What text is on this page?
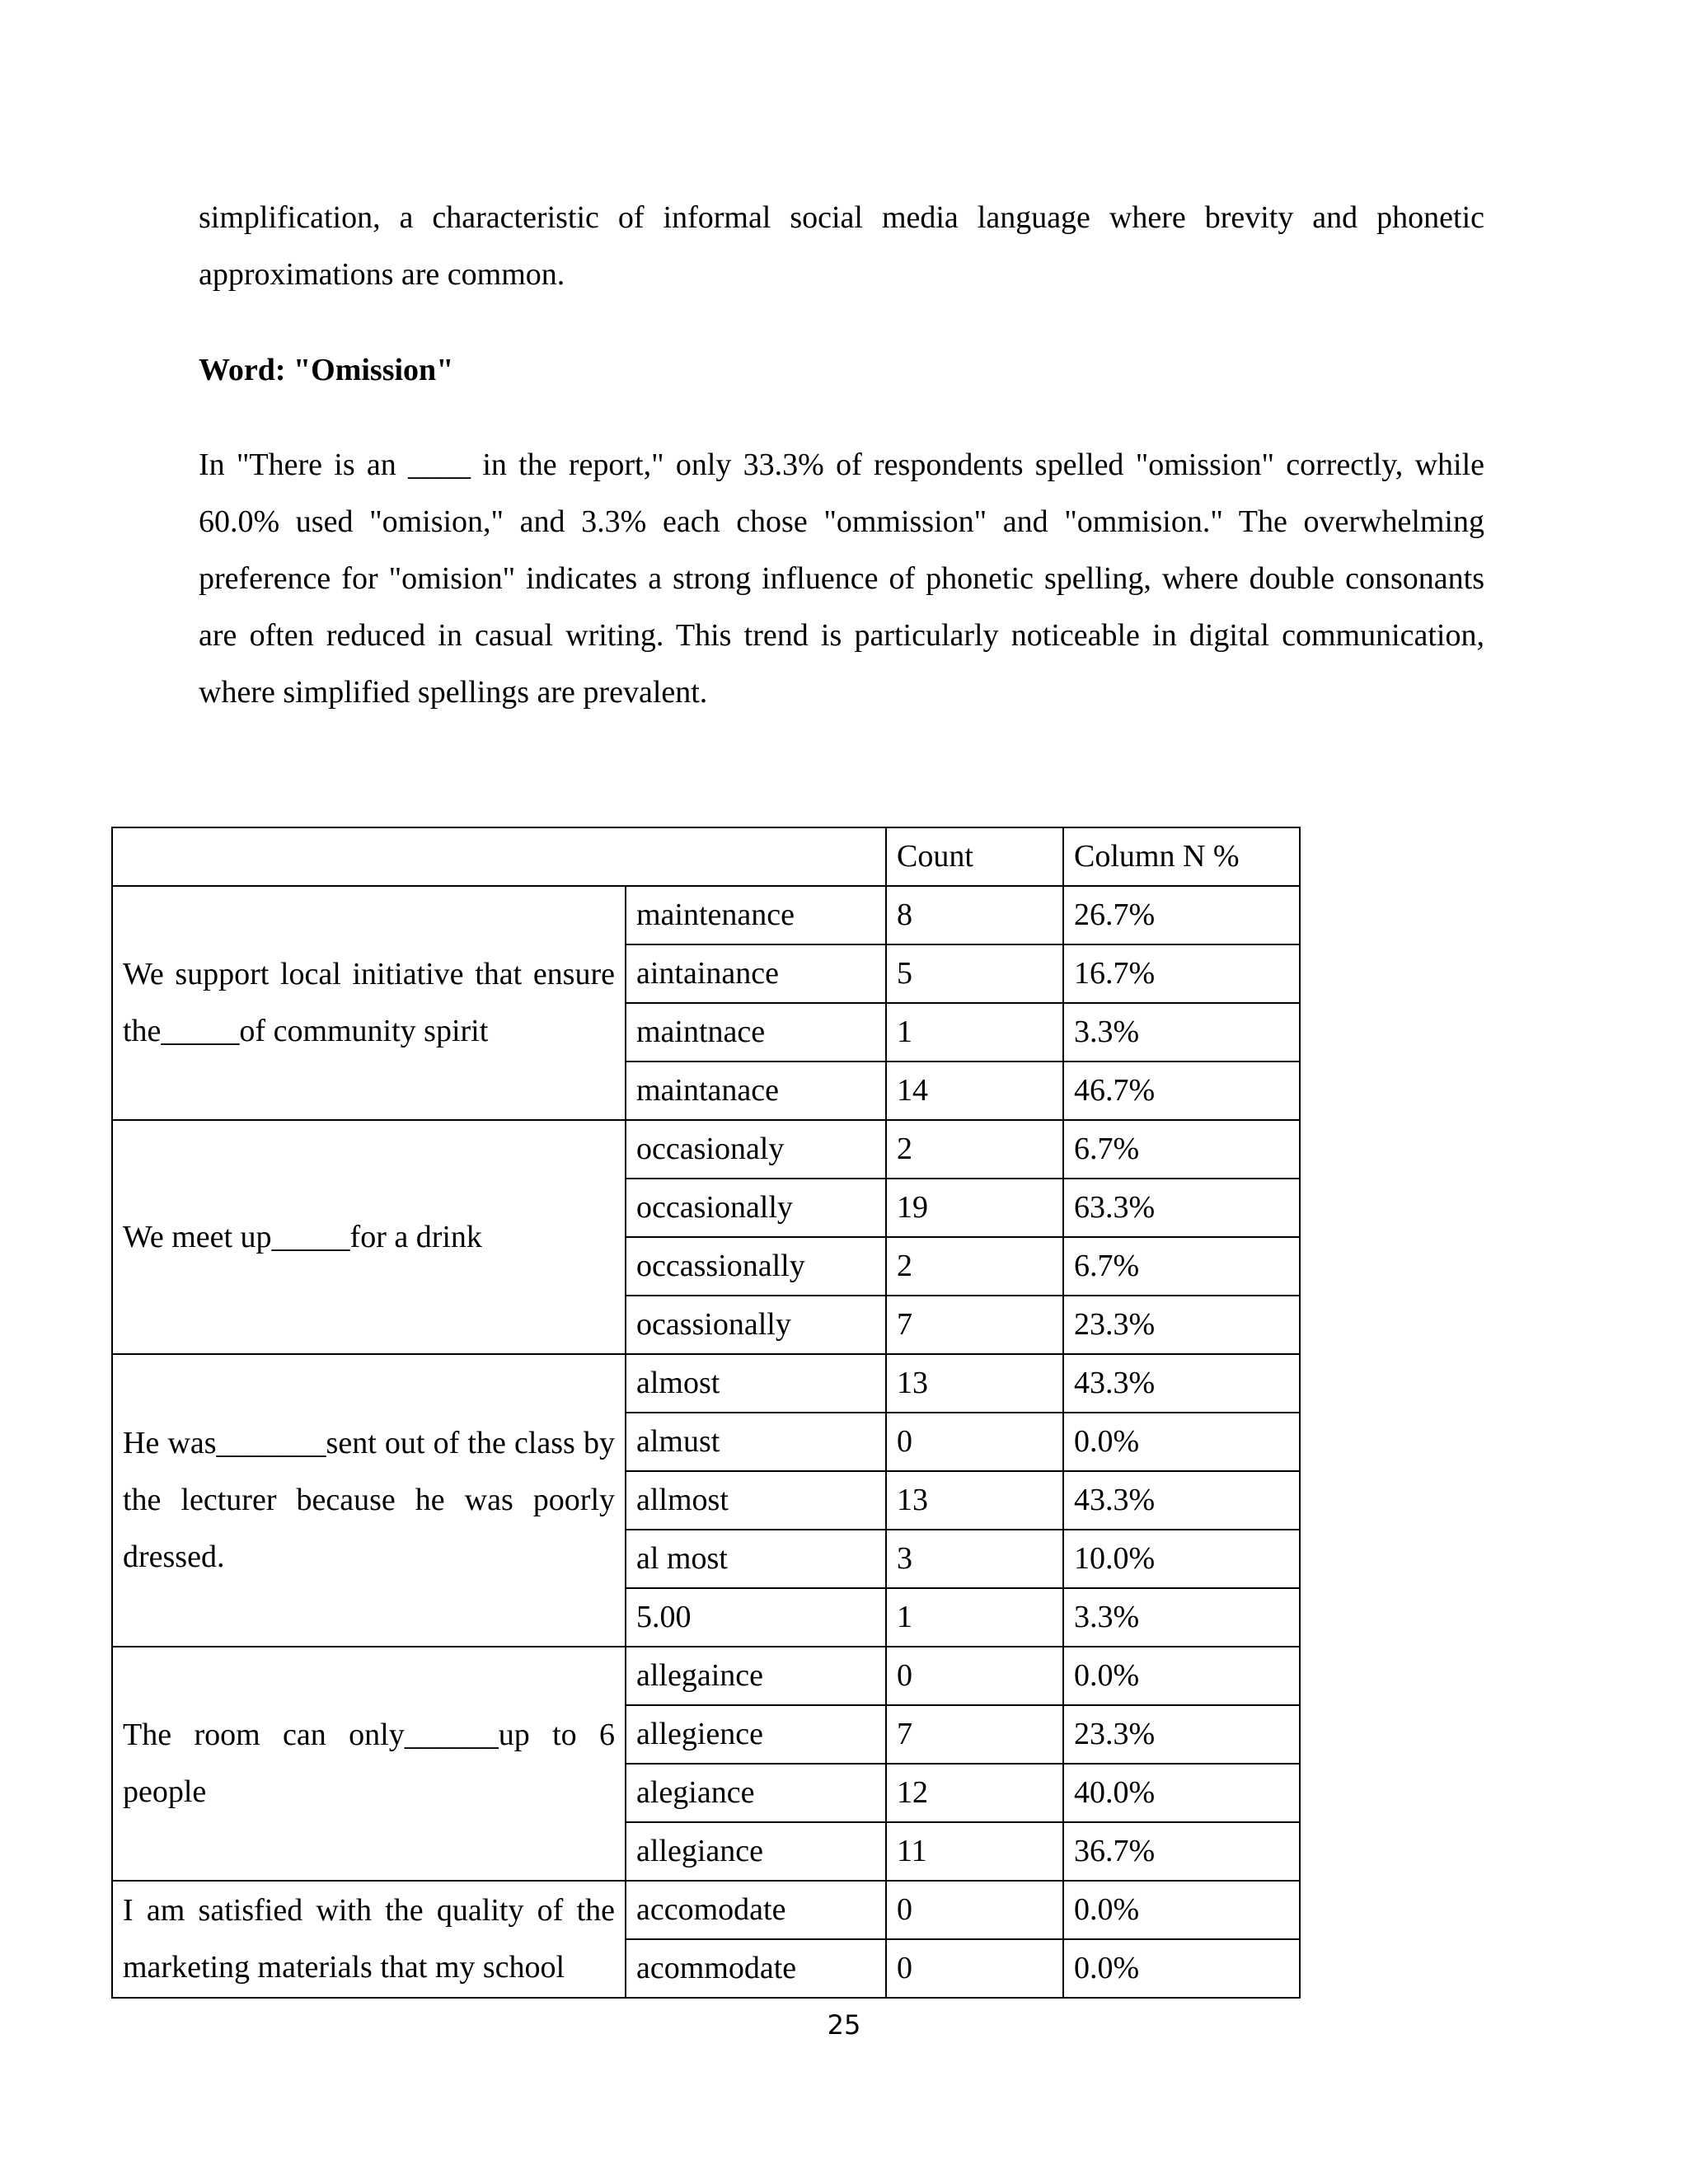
simplification, a characteristic of informal social media language where brevity and phonetic approximations are common.

Word: "Omission"

In "There is an ____ in the report," only 33.3% of respondents spelled "omission" correctly, while 60.0% used "omision," and 3.3% each chose "ommission" and "ommision." The overwhelming preference for "omision" indicates a strong influence of phonetic spelling, where double consonants are often reduced in casual writing. This trend is particularly noticeable in digital communication, where simplified spellings are prevalent.

		Count	Column N %
We support local initiative that ensure the_____of community spirit	maintenance	8	26.7%
	aintainance	5	16.7%
	maintnace	1	3.3%
	maintanace	14	46.7%
We meet up_____for a drink	occasionaly	2	6.7%
	occasionally	19	63.3%
	occassionally	2	6.7%
	ocassionally	7	23.3%
He was_______sent out of the class by the lecturer because he was poorly dressed.	almost	13	43.3%
	almust	0	0.0%
	allmost	13	43.3%
	al most	3	10.0%
	5.00	1	3.3%
The room can only______up to 6 people	allegaince	0	0.0%
	allegience	7	23.3%
	alegiance	12	40.0%
	allegiance	11	36.7%
I am satisfied with the quality of the marketing materials that my school	accomodate	0	0.0%
	acommodate	0	0.0%
25
